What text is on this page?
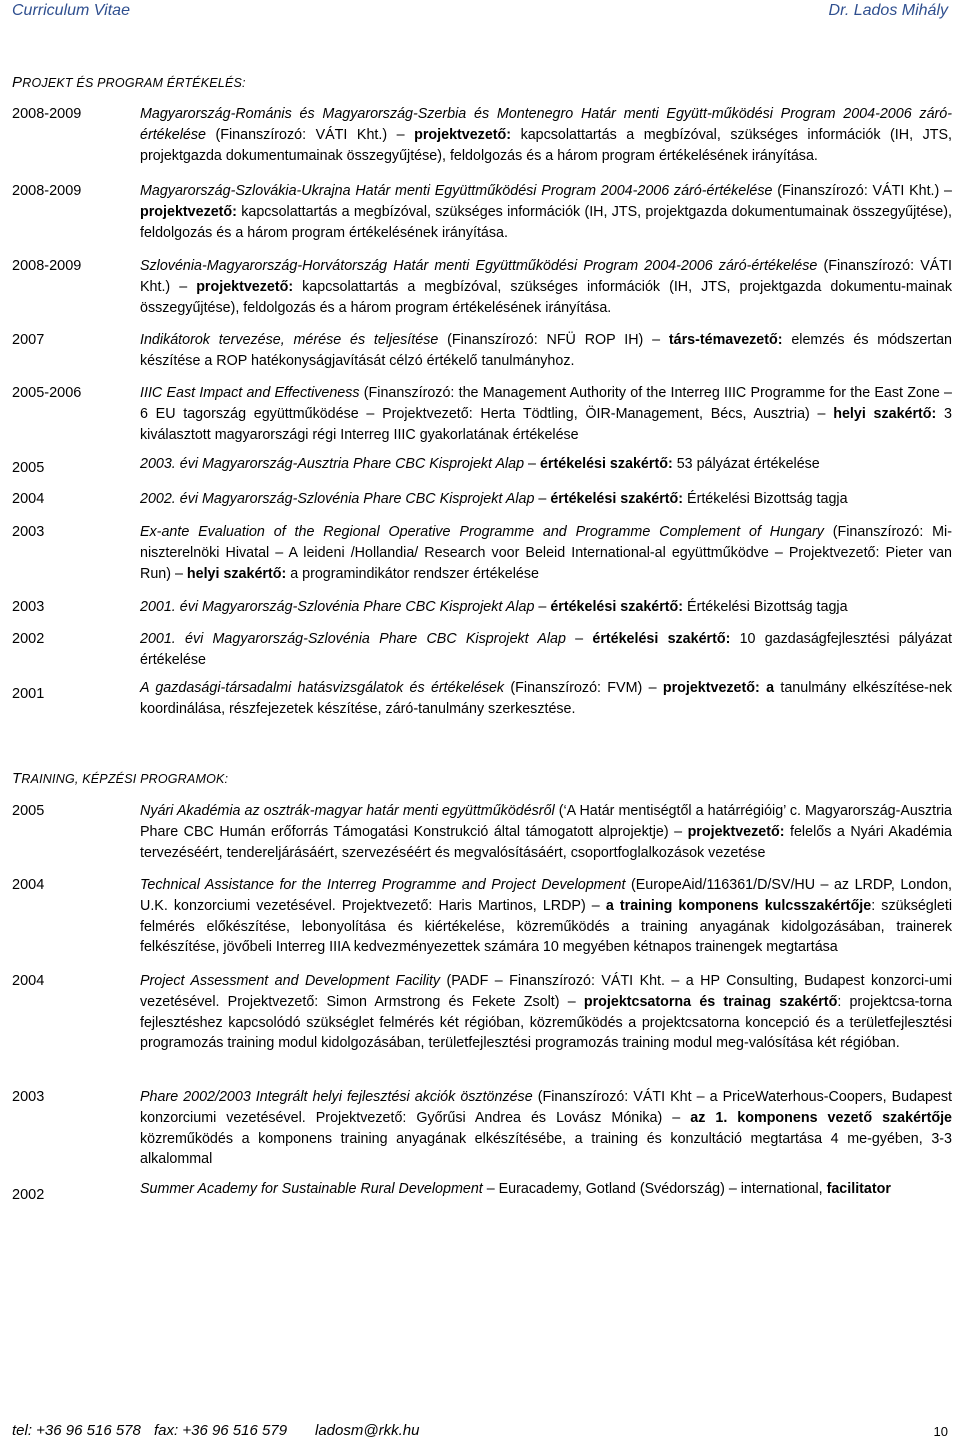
Curriculum Vitae	Dr. Lados Mihály
PROJEKT ÉS PROGRAM ÉRTÉKELÉS:
2008-2009	Magyarország-Románis és Magyarország-Szerbia és Montenegro Határ menti Együtt-működési Program 2004-2006 záró-értékelése (Finanszírozó: VÁTI Kht.) – projektvezető: kapcsolattartás a megbízóval, szükséges információk (IH, JTS, projektgazda dokumentumainak összegyűjtése), feldolgozás és a három program értékelésének irányítása.
2008-2009	Magyarország-Szlovákia-Ukrajna Határ menti Együttműködési Program 2004-2006 záró-értékelése (Finanszírozó: VÁTI Kht.) – projektvezető: kapcsolattartás a megbízóval, szükséges információk (IH, JTS, projektgazda dokumentumainak összegyűjtése), feldolgozás és a három program értékelésének irányítása.
2008-2009	Szlovénia-Magyarország-Horvátország Határ menti Együttműködési Program 2004-2006 záró-értékelése (Finanszírozó: VÁTI Kht.) – projektvezető: kapcsolattartás a megbízóval, szükséges információk (IH, JTS, projektgazda dokumentu-mainak összegyűjtése), feldolgozás és a három program értékelésének irányítása.
2007	Indikátorok tervezése, mérése és teljesítése (Finanszírozó: NFÜ ROP IH) – társ-témavezető: elemzés és módszertan készítése a ROP hatékonyságjavítását célzó értékelő tanulmányhoz.
2005-2006	IIIC East Impact and Effectiveness (Finanszírozó: the Management Authority of the Interreg IIIC Programme for the East Zone – 6 EU tagország együttműködése – Projektvezető: Herta Tödtling, ÖIR-Management, Bécs, Ausztria) – helyi szakértő: 3 kiválasztott magyarországi régi Interreg IIIC gyakorlatának értékelése
2005	2003. évi Magyarország-Ausztria Phare CBC Kisprojekt Alap – értékelési szakértő: 53 pályázat értékelése
2004	2002. évi Magyarország-Szlovénia Phare CBC Kisprojekt Alap – értékelési szakértő: Értékelési Bizottság tagja
2003	Ex-ante Evaluation of the Regional Operative Programme and Programme Complement of Hungary (Finanszírozó: Mi-niszterelnöki Hivatal – A leideni /Hollandia/ Research voor Beleid International-al együttműködve – Projektvezető: Pieter van Run) – helyi szakértő: a programindikátor rendszer értékelése
2003	2001. évi Magyarország-Szlovénia Phare CBC Kisprojekt Alap – értékelési szakértő: Értékelési Bizottság tagja
2002	2001. évi Magyarország-Szlovénia Phare CBC Kisprojekt Alap – értékelési szakértő: 10 gazdaságfejlesztési pályázat értékelése
2001	A gazdasági-társadalmi hatásvizsgálatok és értékelések (Finanszírozó: FVM) – projektvezető: a tanulmány elkészítése-nek koordinálása, részfejezetek készítése, záró-tanulmány szerkesztése.
TRAINING, KÉPZÉSI PROGRAMOK:
2005	Nyári Akadémia az osztrák-magyar határ menti együttműködésről (‘A Határ mentiségtől a határrégióig’ c. Magyarország-Ausztria Phare CBC Humán erőforrás Támogatási Konstrukció által támogatott alprojektje) – projektvezető: felelős a Nyári Akadémia tervezéséért, tendereljárásáért, szervezéséért és megvalósításáért, csoportfoglalkozások vezetése
2004	Technical Assistance for the Interreg Programme and Project Development (EuropeAid/116361/D/SV/HU – az LRDP, London, U.K. konzorciumi vezetésével. Projektvezető: Haris Martinos, LRDP) – a training komponens kulcsszakértője: szükségleti felmérés előkészítése, lebonyolítása és kiértékelése, közreműködés a training anyagának kidolgozásában, trainerek felkészítése, jövőbeli Interreg IIIA kedvezményezettek számára 10 megyében kétnapos trainengek megtartása
2004	Project Assessment and Development Facility (PADF – Finanszírozó: VÁTI Kht. – a HP Consulting, Budapest konzorci-umi vezetésével. Projektvezető: Simon Armstrong és Fekete Zsolt) – projektcsatorna és trainag szakértő: projektcsa-torna fejlesztéshez kapcsolódó szükséglet felmérés két régióban, közreműködés a projektcsatorna koncepció és a területfejlesztési programozás training modul kidolgozásában, területfejlesztési programozás training modul meg-valósítása két régióban.
2003	Phare 2002/2003 Integrált helyi fejlesztési akciók ösztönzése (Finanszírozó: VÁTI Kht – a PriceWaterhous-Coopers, Budapest konzorciumi vezetésével. Projektvezető: Győrűsi Andrea és Lovász Mónika) – az 1. komponens vezető szakértője közreműködés a komponens training anyagának elkészítésébe, a training és konzultáció megtartása 4 me-gyében, 3-3 alkalommal
2002	Summer Academy for Sustainable Rural Development – Euracademy, Gotland (Svédország) – international, facilitator
tel: +36 96 516 578 fax: +36 96 516 579 ladosm@rkk.hu	10
